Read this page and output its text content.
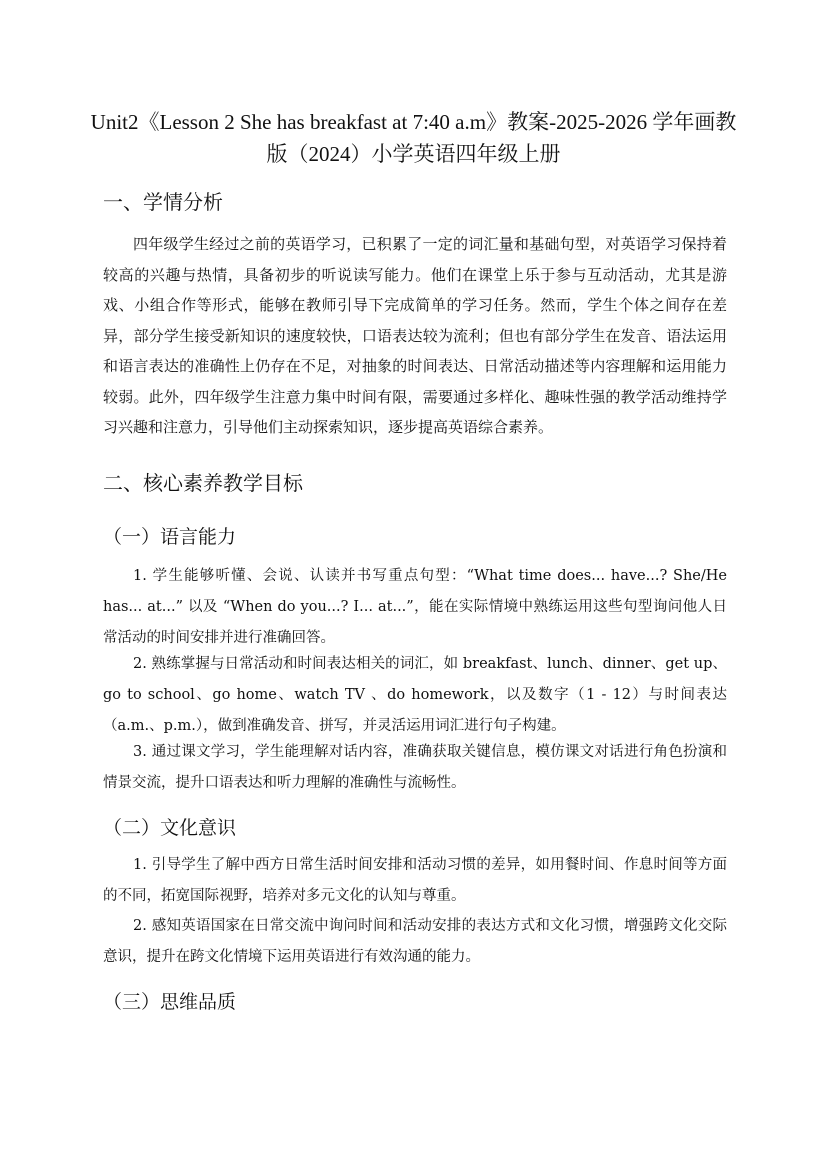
Unit2《Lesson 2 She has breakfast at 7:40 a.m》教案-2025-2026 学年画教版（2024）小学英语四年级上册
一、学情分析
四年级学生经过之前的英语学习，已积累了一定的词汇量和基础句型，对英语学习保持着较高的兴趣与热情，具备初步的听说读写能力。他们在课堂上乐于参与互动活动，尤其是游戏、小组合作等形式，能够在教师引导下完成简单的学习任务。然而，学生个体之间存在差异，部分学生接受新知识的速度较快，口语表达较为流利；但也有部分学生在发音、语法运用和语言表达的准确性上仍存在不足，对抽象的时间表达、日常活动描述等内容理解和运用能力较弱。此外，四年级学生注意力集中时间有限，需要通过多样化、趣味性强的教学活动维持学习兴趣和注意力，引导他们主动探索知识，逐步提高英语综合素养。
二、核心素养教学目标
（一）语言能力
1. 学生能够听懂、会说、认读并书写重点句型：“What time does... have...? She/He has... at...” 以及 “When do you...? I... at...”，能在实际情境中熟练运用这些句型询问他人日常活动的时间安排并进行准确回答。
2. 熟练掌握与日常活动和时间表达相关的词汇，如 breakfast、lunch、dinner、get up、go to school、go home、watch TV 、do homework，以及数字（1 - 12）与时间表达（a.m.、p.m.），做到准确发音、拼写，并灵活运用词汇进行句子构建。
3. 通过课文学习，学生能理解对话内容，准确获取关键信息，模仿课文对话进行角色扮演和情景交流，提升口语表达和听力理解的准确性与流畅性。
（二）文化意识
1. 引导学生了解中西方日常生活时间安排和活动习惯的差异，如用餐时间、作息时间等方面的不同，拓宽国际视野，培养对多元文化的认知与尊重。
2. 感知英语国家在日常交流中询问时间和活动安排的表达方式和文化习惯，增强跨文化交际意识，提升在跨文化情境下运用英语进行有效沟通的能力。
（三）思维品质
